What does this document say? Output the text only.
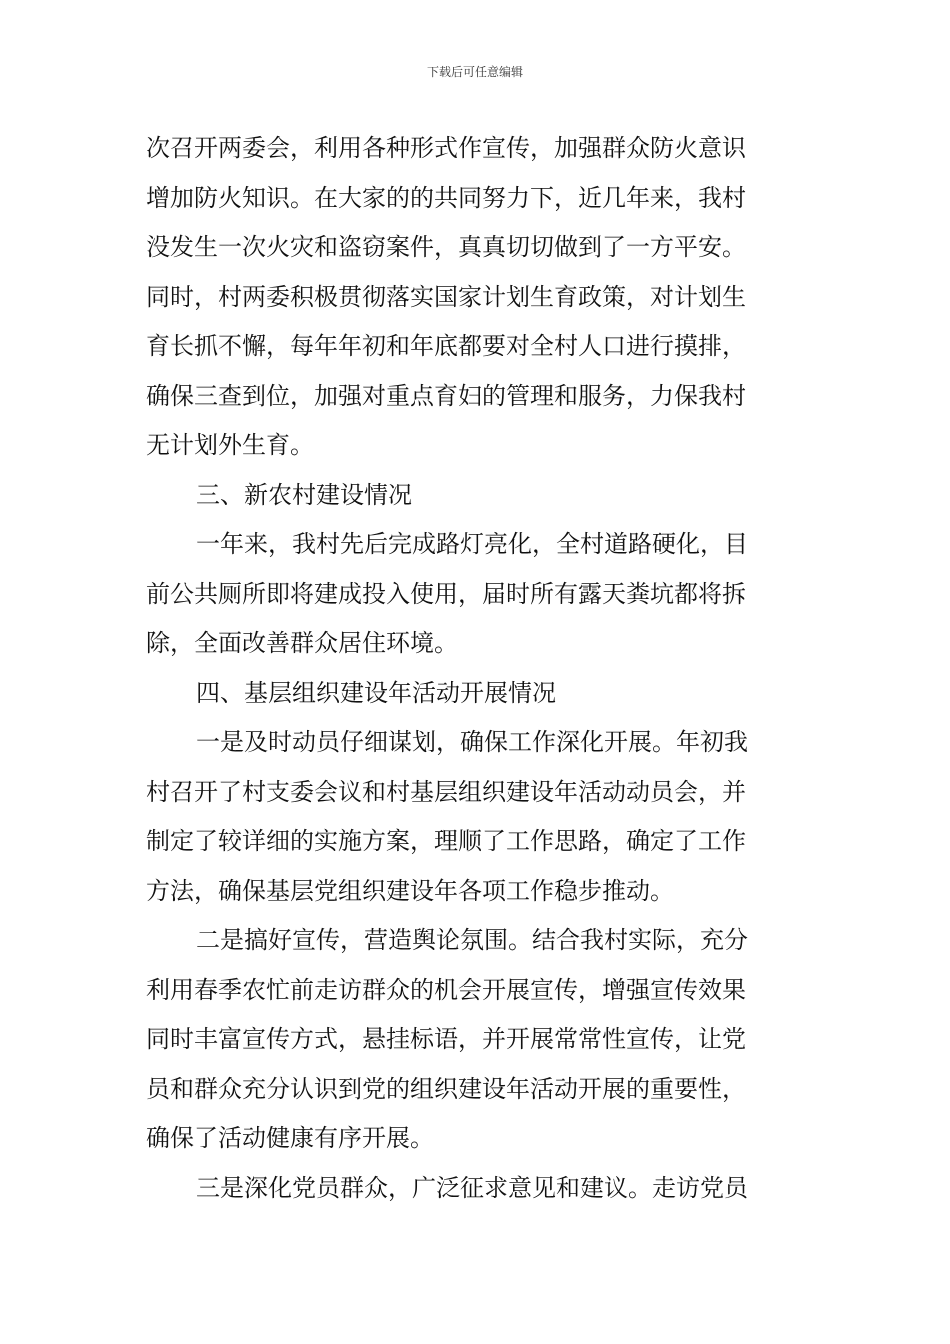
下载后可任意编辑
次召开两委会，利用各种形式作宣传，加强群众防火意识
增加防火知识。在大家的的共同努力下，近几年来，我村
没发生一次火灾和盗窃案件，真真切切做到了一方平安。
同时，村两委积极贯彻落实国家计划生育政策，对计划生
育长抓不懈，每年年初和年底都要对全村人口进行摸排，
确保三查到位，加强对重点育妇的管理和服务，力保我村
无计划外生育。
三、新农村建设情况
一年来，我村先后完成路灯亮化，全村道路硬化，目
前公共厕所即将建成投入使用，届时所有露天粪坑都将拆
除，全面改善群众居住环境。
四、基层组织建设年活动开展情况
一是及时动员仔细谋划，确保工作深化开展。年初我
村召开了村支委会议和村基层组织建设年活动动员会，并
制定了较详细的实施方案，理顺了工作思路，确定了工作
方法，确保基层党组织建设年各项工作稳步推动。
二是搞好宣传，营造舆论氛围。结合我村实际，充分
利用春季农忙前走访群众的机会开展宣传，增强宣传效果
同时丰富宣传方式，悬挂标语，并开展常常性宣传，让党
员和群众充分认识到党的组织建设年活动开展的重要性，
确保了活动健康有序开展。
三是深化党员群众，广泛征求意见和建议。走访党员
